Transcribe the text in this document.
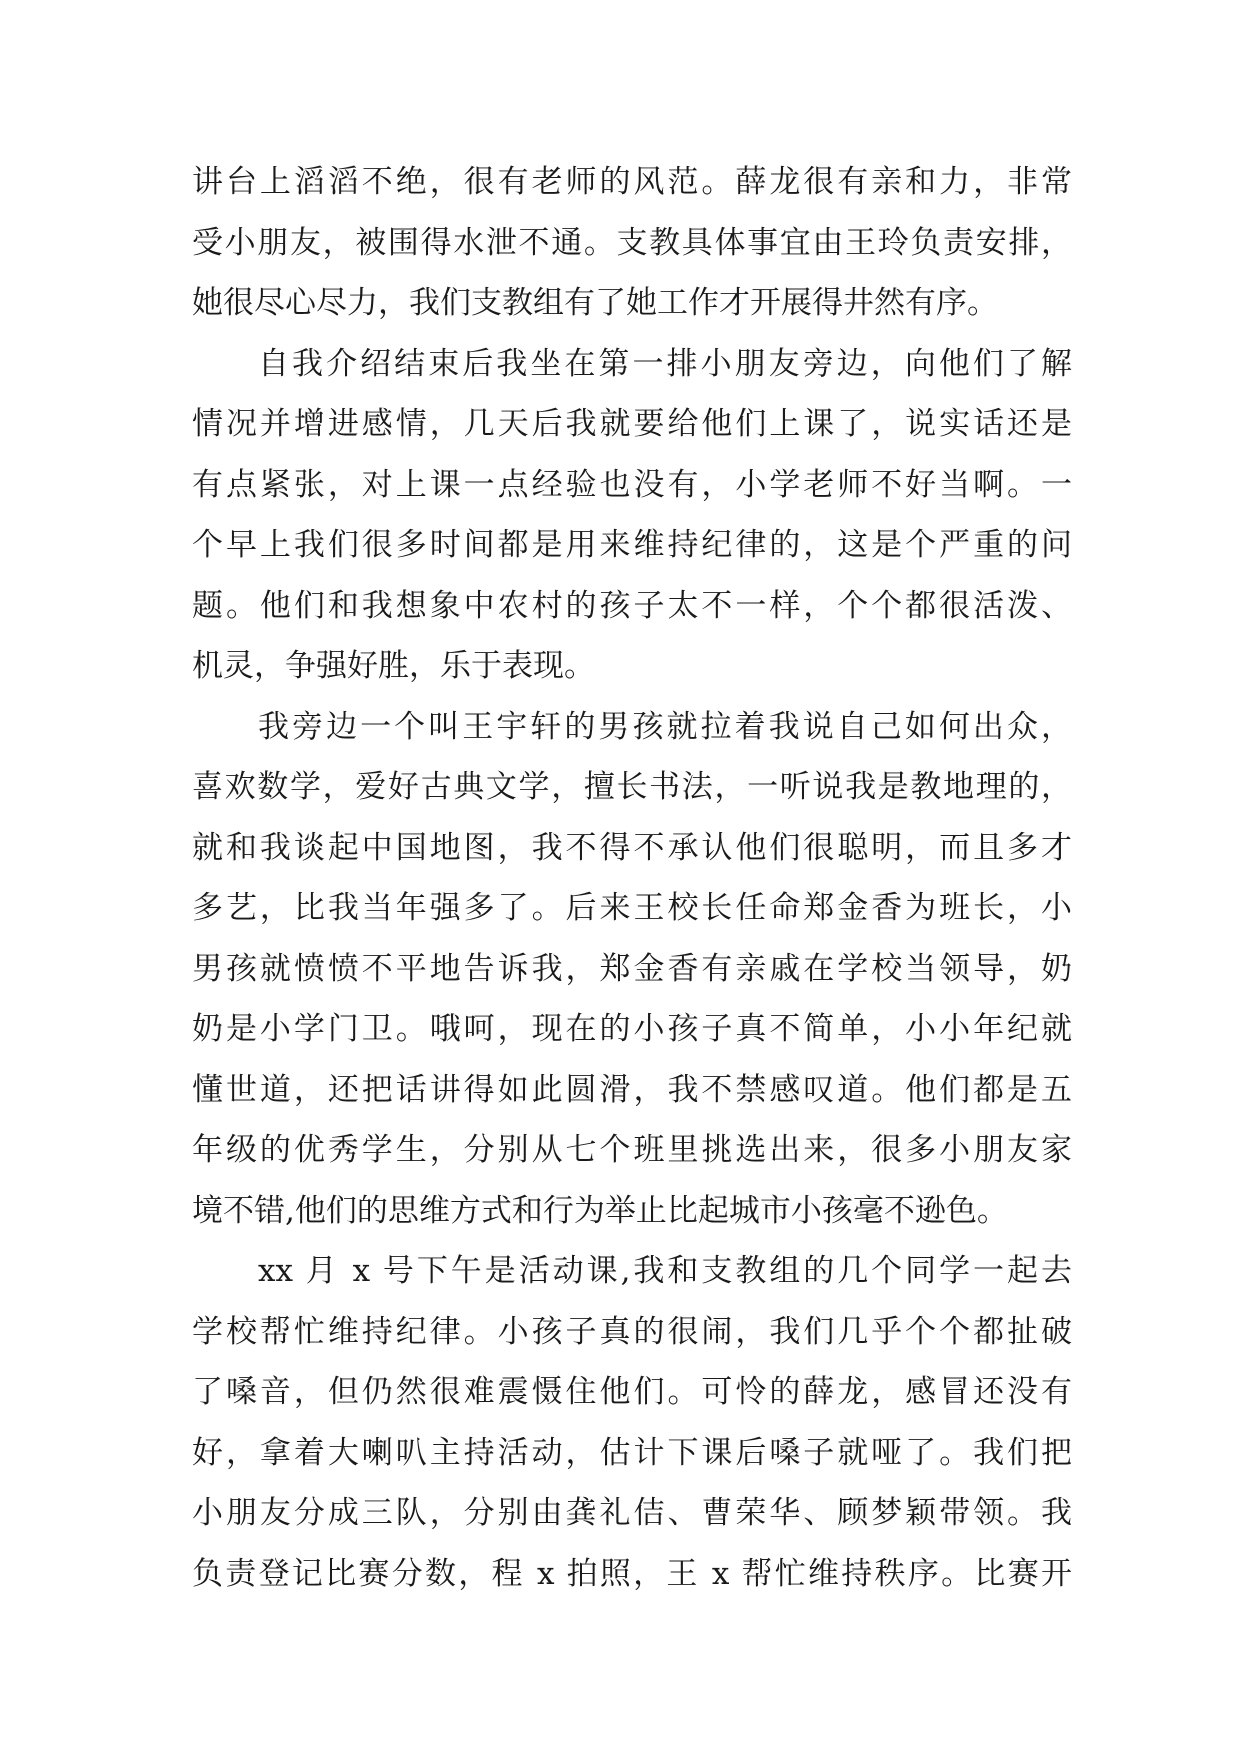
讲台上滔滔不绝，很有老师的风范。薛龙很有亲和力，非常
受小朋友，被围得水泄不通。支教具体事宜由王玲负责安排，
她很尽心尽力，我们支教组有了她工作才开展得井然有序。
自我介绍结束后我坐在第一排小朋友旁边，向他们了解
情况并增进感情，几天后我就要给他们上课了，说实话还是
有点紧张，对上课一点经验也没有，小学老师不好当啊。一
个早上我们很多时间都是用来维持纪律的，这是个严重的问
题。他们和我想象中农村的孩子太不一样，个个都很活泼、
机灵，争强好胜，乐于表现。
我旁边一个叫王宇轩的男孩就拉着我说自己如何出众，
喜欢数学，爱好古典文学，擅长书法，一听说我是教地理的，
就和我谈起中国地图，我不得不承认他们很聪明，而且多才
多艺，比我当年强多了。后来王校长任命郑金香为班长，小
男孩就愤愤不平地告诉我，郑金香有亲戚在学校当领导，奶
奶是小学门卫。哦呵，现在的小孩子真不简单，小小年纪就
懂世道，还把话讲得如此圆滑，我不禁感叹道。他们都是五
年级的优秀学生，分别从七个班里挑选出来，很多小朋友家
境不错,他们的思维方式和行为举止比起城市小孩毫不逊色。
xx 月 x 号下午是活动课,我和支教组的几个同学一起去
学校帮忙维持纪律。小孩子真的很闹，我们几乎个个都扯破
了嗓音，但仍然很难震慑住他们。可怜的薛龙，感冒还没有
好，拿着大喇叭主持活动，估计下课后嗓子就哑了。我们把
小朋友分成三队，分别由龚礼佶、曹荣华、顾梦颖带领。我
负责登记比赛分数，程 x 拍照，王 x 帮忙维持秩序。比赛开
